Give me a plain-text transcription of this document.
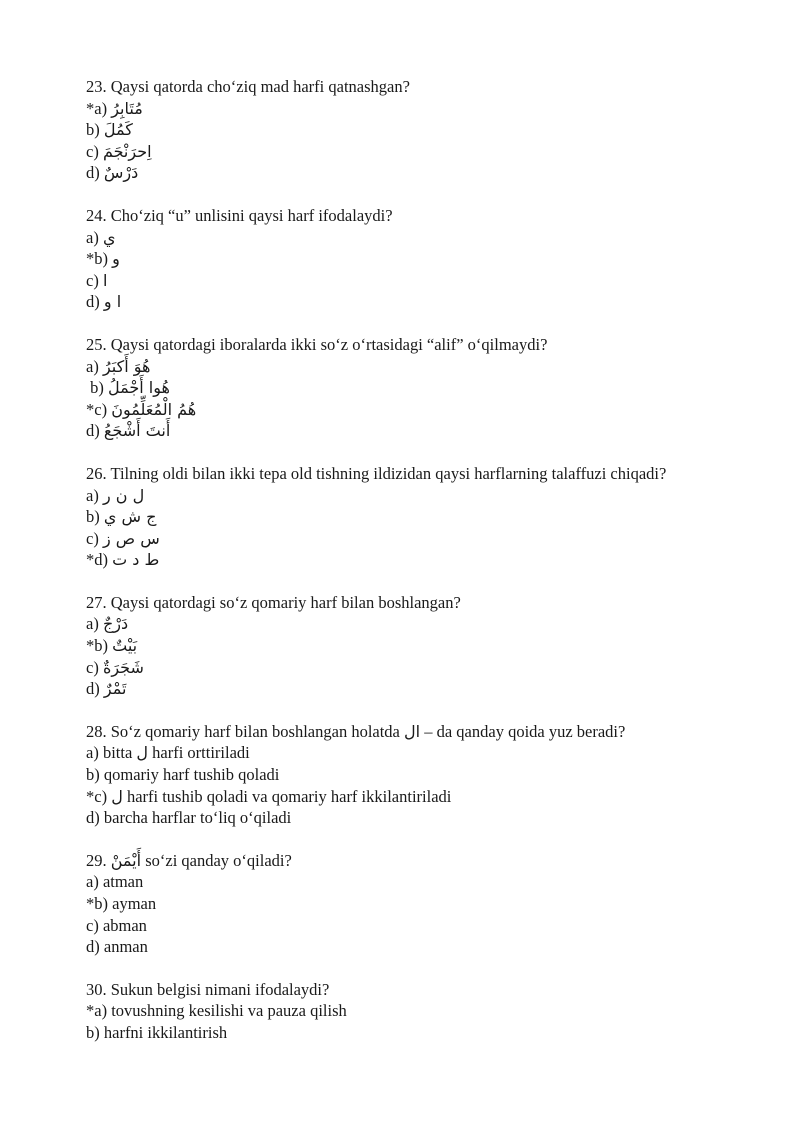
23. Qaysi qatorda cho‘ziq mad harfi qatnashgan?
*a) مُتَابِرُ
b) كَمُلَ
c) اِحرَنْجَمَ
d) دَرْسٌ
24. Cho‘ziq “u” unlisini qaysi harf ifodalaydi?
a) ي
*b) و
c) ا
d) ا و
25. Qaysi qatordagi iboralarda ikki so‘z o‘rtasidagi “alif” o‘qilmaydi?
a) هُوَ أَكبَرُ
b) هُوا أَجْمَلُ
*c) هُمُ الْمُعَلِّمُونَ
d) أَنتَ أَشْجَعُ
26. Tilning oldi bilan ikki tepa old tishning ildizidan qaysi harflarning talaffuzi chiqadi?
a) ل ن ر
b) ج ش ي
c) س ص ز
*d) ط د ت
27. Qaysi qatordagi so‘z qomariy harf bilan boshlangan?
a) دَرْجٌ
*b) بَيْتٌ
c) شَجَرَةٌ
d) تَمْرٌ
28. So‘z qomariy harf bilan boshlangan holatda ال – da qanday qoida yuz beradi?
a) bitta ل harfi orttiriladi
b) qomariy harf tushib qoladi
*c) ل harfi tushib qoladi va qomariy harf ikkilantiriladi
d) barcha harflar to‘liq o‘qiladi
29. أَيْمَنْ so‘zi qanday o‘qiladi?
a) atman
*b) ayman
c) abman
d) anman
30. Sukun belgisi nimani ifodalaydi?
*a) tovushning kesilishi va pauza qilish
b) harfni ikkilantirish
